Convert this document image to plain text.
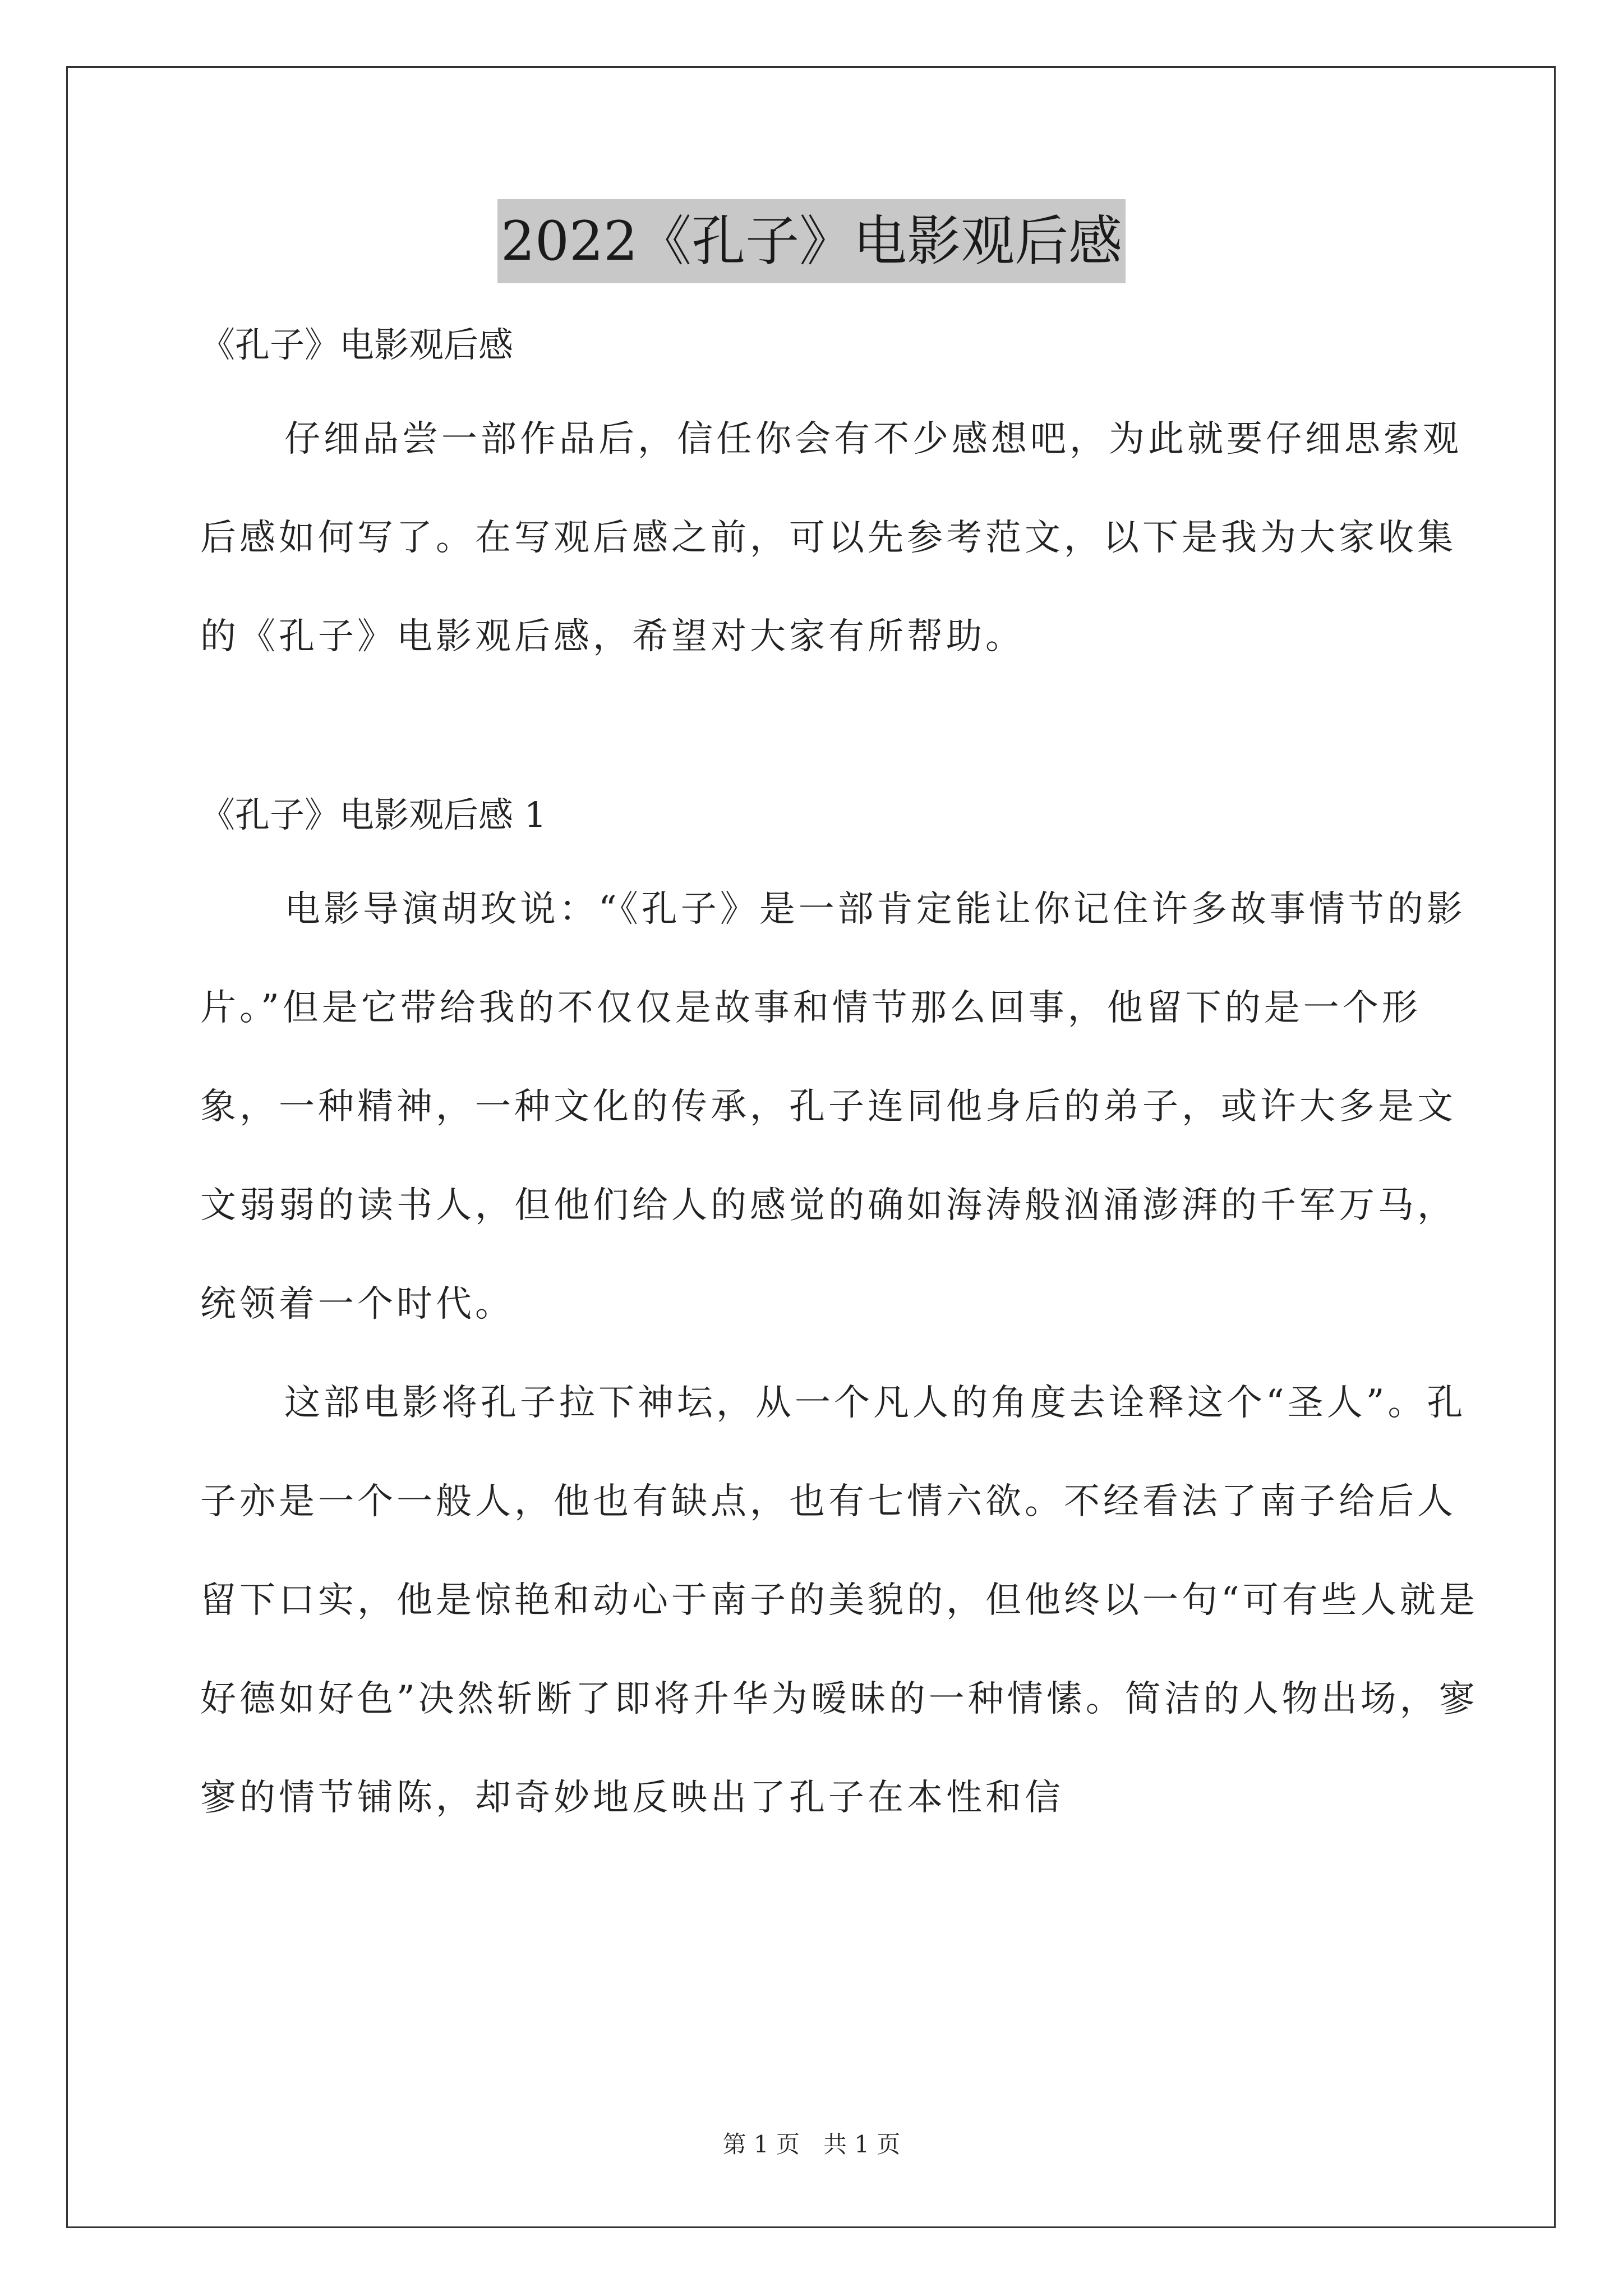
2022《孔子》电影观后感

《孔子》电影观后感

仔细品尝一部作品后，信任你会有不少感想吧，为此就要仔细思索观后感如何写了。在写观后感之前，可以先参考范文，以下是我为大家收集的《孔子》电影观后感，希望对大家有所帮助。

《孔子》电影观后感 1

电影导演胡玫说：“《孔子》是一部肯定能让你记住许多故事情节的影片。”但是它带给我的不仅仅是故事和情节那么回事，他留下的是一个形象，一种精神，一种文化的传承，孔子连同他身后的弟子，或许大多是文文弱弱的读书人，但他们给人的感觉的确如海涛般汹涌澎湃的千军万马，统领着一个时代。

这部电影将孔子拉下神坛，从一个凡人的角度去诠释这个“圣人”。孔子亦是一个一般人，他也有缺点，也有七情六欲。不经看法了南子给后人留下口实，他是惊艳和动心于南子的美貌的，但他终以一句“可有些人就是好德如好色”决然斩断了即将升华为暧昧的一种情愫。简洁的人物出场，寥寥的情节铺陈，却奇妙地反映出了孔子在本性和信

第 1 页　共 1 页
